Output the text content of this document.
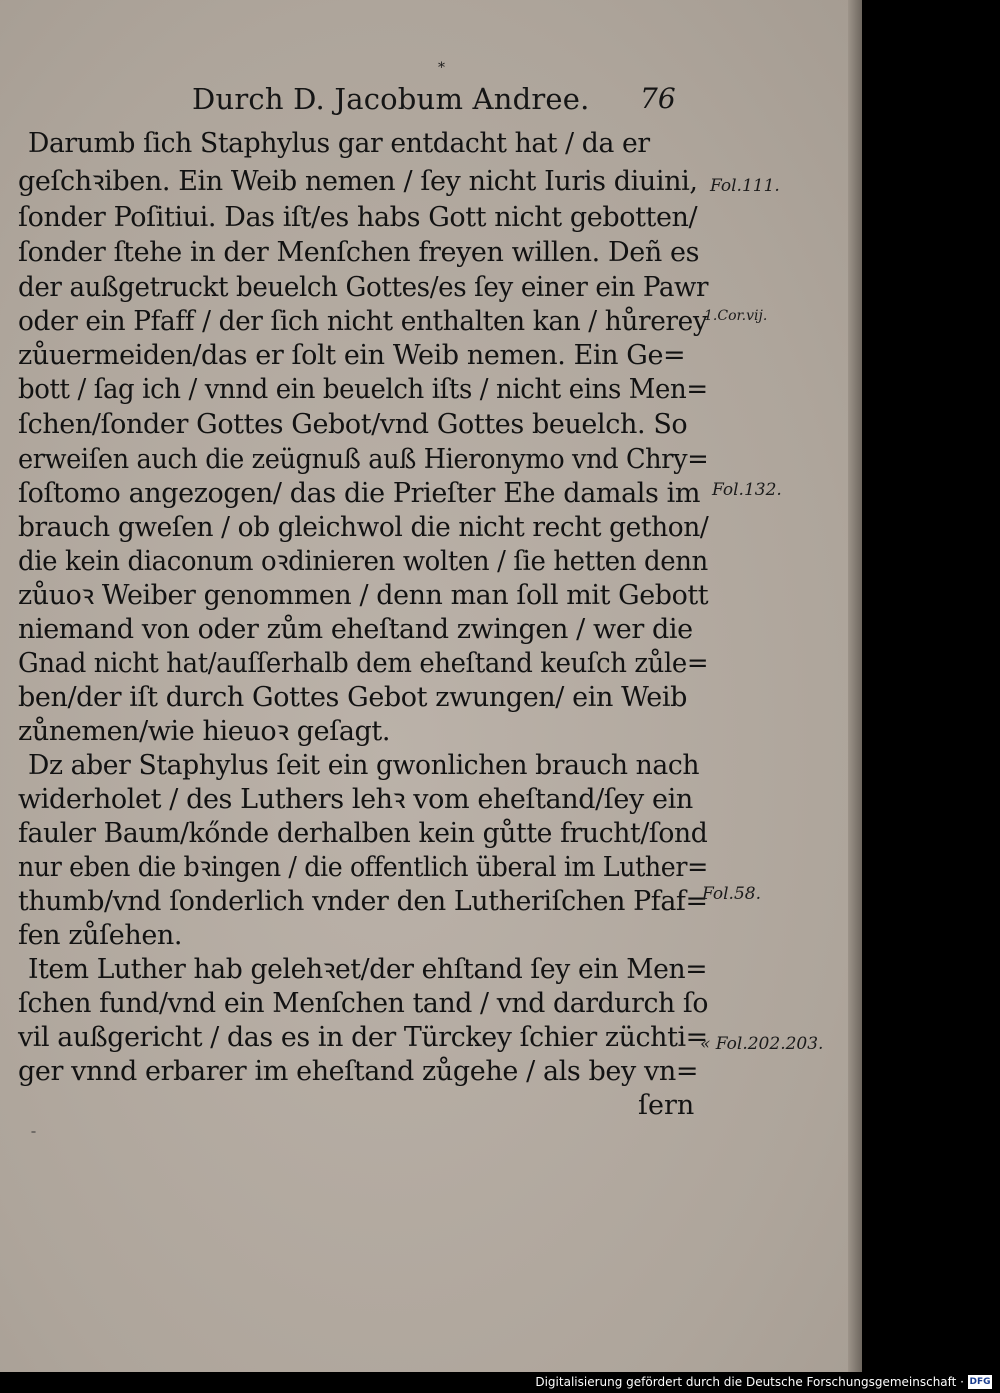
*
Durch D. Jacobum Andree. 76
Darumb ſich Staphylus gar entdacht hat / da er
geſchꝛiben. Ein Weib nemen / ſey nicht Iuris diuini,
ſonder Poſitiui. Das iſt/es habs Gott nicht gebotten/
ſonder ſtehe in der Menſchen freyen willen. Deñ es
der außgetruckt beuelch Gottes/es ſey einer ein Pawr
oder ein Pfaff / der ſich nicht enthalten kan / hůrerey
zůuermeiden/das er ſolt ein Weib nemen. Ein Ge=
bott / ſag ich / vnnd ein beuelch iſts / nicht eins Men=
ſchen/ſonder Gottes Gebot/vnd Gottes beuelch. So
erweiſen auch die zeügnuß auß Hieronymo vnd Chry=
ſoſtomo angezogen/ das die Prieſter Ehe damals im
brauch gweſen / ob gleichwol die nicht recht gethon/
die kein diaconum oꝛdinieren wolten / ſie hetten denn
zůuoꝛ Weiber genommen / denn man ſoll mit Gebott
niemand von oder zům eheſtand zwingen / wer die
Gnad nicht hat/auſſerhalb dem eheſtand keuſch zůle=
ben/der iſt durch Gottes Gebot zwungen/ ein Weib
zůnemen/wie hieuoꝛ geſagt.
Dz aber Staphylus ſeit ein gwonlichen brauch nach
widerholet / des Luthers lehꝛ vom eheſtand/ſey ein
fauler Baum/kőnde derhalben kein gůtte frucht/ſond
nur eben die bꝛingen / die offentlich überal im Luther=
thumb/vnd ſonderlich vnder den Lutheriſchen Pfaf=
fen zůſehen.
Item Luther hab gelehꝛet/der ehſtand ſey ein Men=
ſchen fund/vnd ein Menſchen tand / vnd dardurch ſo
vil außgericht / das es in der Türckey ſchier züchti=
ger vnnd erbarer im eheſtand zůgehe / als bey vn=
ſern
Fol.111.
1.Cor.vij.
Fol.132.
Fol.58.
« Fol.202.203.
ˉ
Digitalisierung gefördert durch die Deutsche Forschungsgemeinschaft · DFG
